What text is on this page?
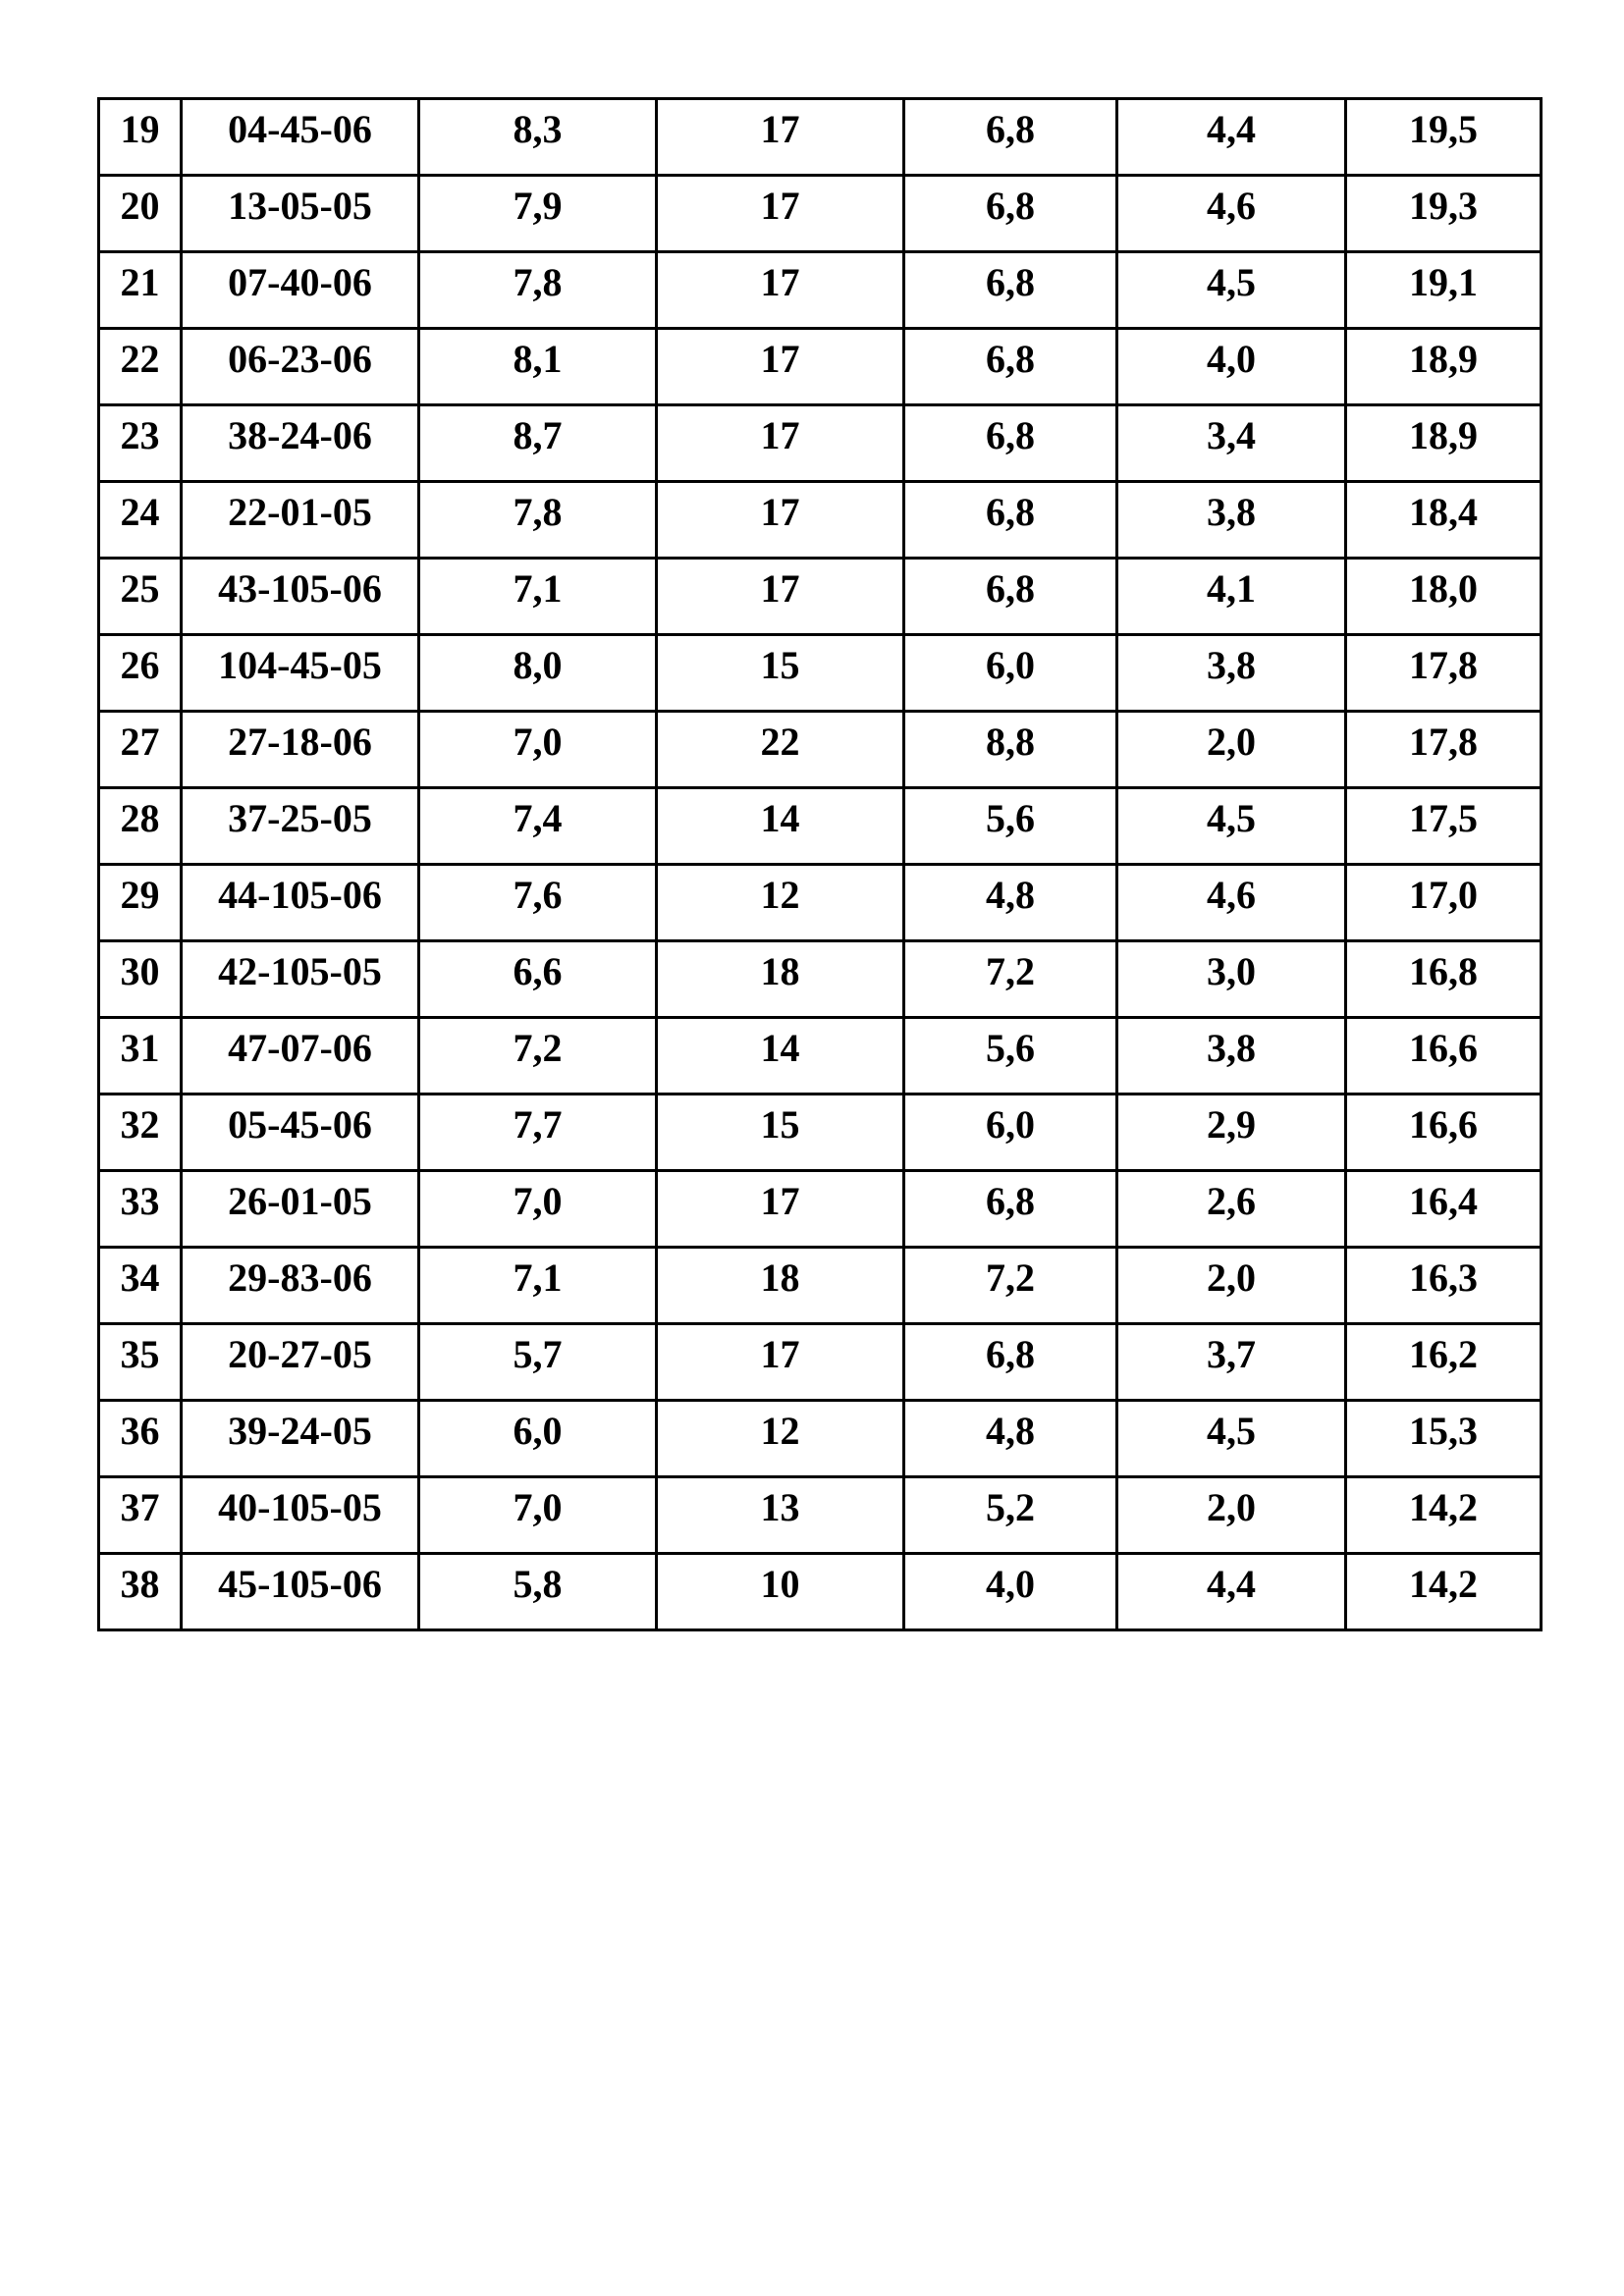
19	04-45-06	8,3	17	6,8	4,4	19,5

20	13-05-05	7,9	17	6,8	4,6	19,3

21	07-40-06	7,8	17	6,8	4,5	19,1

22	06-23-06	8,1	17	6,8	4,0	18,9

23	38-24-06	8,7	17	6,8	3,4	18,9

24	22-01-05	7,8	17	6,8	3,8	18,4

25	43-105-06	7,1	17	6,8	4,1	18,0

26	104-45-05	8,0	15	6,0	3,8	17,8

27	27-18-06	7,0	22	8,8	2,0	17,8

28	37-25-05	7,4	14	5,6	4,5	17,5

29	44-105-06	7,6	12	4,8	4,6	17,0

30	42-105-05	6,6	18	7,2	3,0	16,8

31	47-07-06	7,2	14	5,6	3,8	16,6

32	05-45-06	7,7	15	6,0	2,9	16,6

33	26-01-05	7,0	17	6,8	2,6	16,4

34	29-83-06	7,1	18	7,2	2,0	16,3

35	20-27-05	5,7	17	6,8	3,7	16,2

36	39-24-05	6,0	12	4,8	4,5	15,3

37	40-105-05	7,0	13	5,2	2,0	14,2

38	45-105-06	5,8	10	4,0	4,4	14,2
